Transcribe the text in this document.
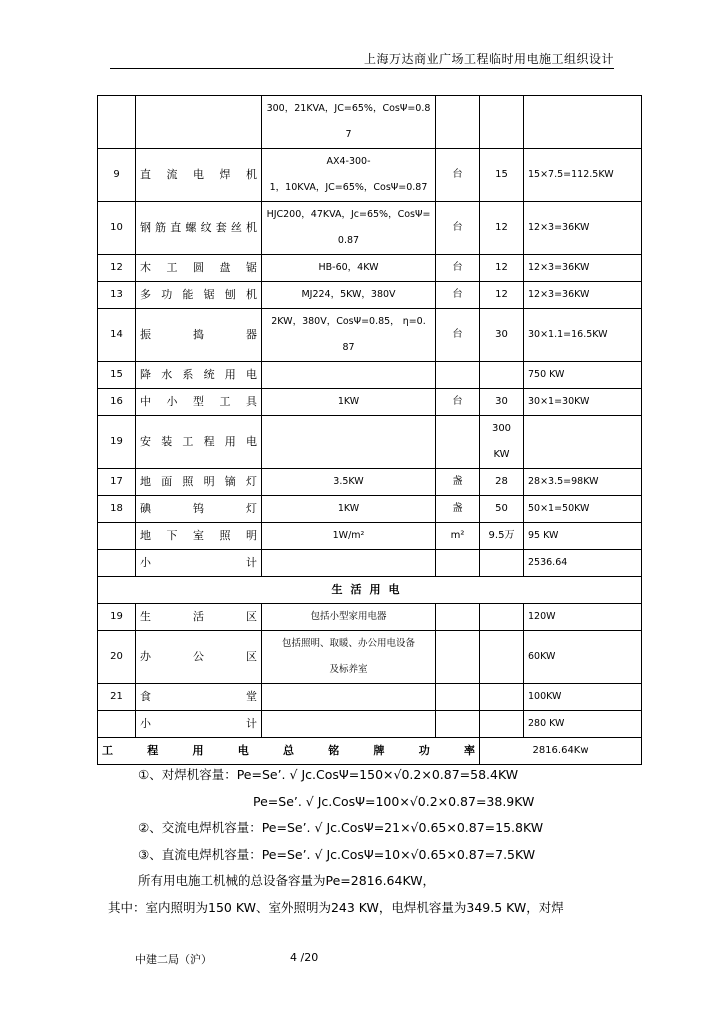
上海万达商业广场工程临时用电施工组织设计

		300，21KVA，JC=65%，CosΨ=0.8
7			

9	直流电焊机	AX4-300-
1，10KVA，JC=65%，CosΨ=0.87	台	15	15×7.5=112.5KW

10	钢筋直螺纹套丝机	HJC200，47KVA，Jc=65%，CosΨ=
0.87	台	12	12×3=36KW

12	木工圆盘锯	HB-60，4KW	台	12	12×3=36KW

13	多功能锯刨机	MJ224，5KW，380V	台	12	12×3=36KW

14	振捣器	2KW，380V，CosΨ=0.85， η=0.
87	台	30	30×1.1=16.5KW

15	降水系统用电				750 KW

16	中小型工具	1KW	台	30	30×1=30KW

19	安装工程用电			300
KW	

17	地面照明镝灯	3.5KW	盏	28	28×3.5=98KW

18	碘钨灯	1KW	盏	50	50×1=50KW

	地下室照明	1W/m²	m²	9.5万	95 KW

	小计				2536.64

生活用电					

19	生活区	包括小型家用电器			120W

20	办公区	包括照明、取暖、办公用电设备
及标养室			60KW

21	食堂				100KW

	小计				280 KW

工程用电总铭牌功率				2816.64Kw	
①、对焊机容量：Pe=Se’. √ Jc.CosΨ=150×√0.2×0.87=58.4KW
Pe=Se’. √ Jc.CosΨ=100×√0.2×0.87=38.9KW
②、交流电焊机容量：Pe=Se’. √ Jc.CosΨ=21×√0.65×0.87=15.8KW
③、直流电焊机容量：Pe=Se’. √ Jc.CosΨ=10×√0.65×0.87=7.5KW
所有用电施工机械的总设备容量为Pe=2816.64KW，
其中：室内照明为150 KW、室外照明为243 KW，电焊机容量为349.5 KW，对焊
中建二局（沪）	4 /20
